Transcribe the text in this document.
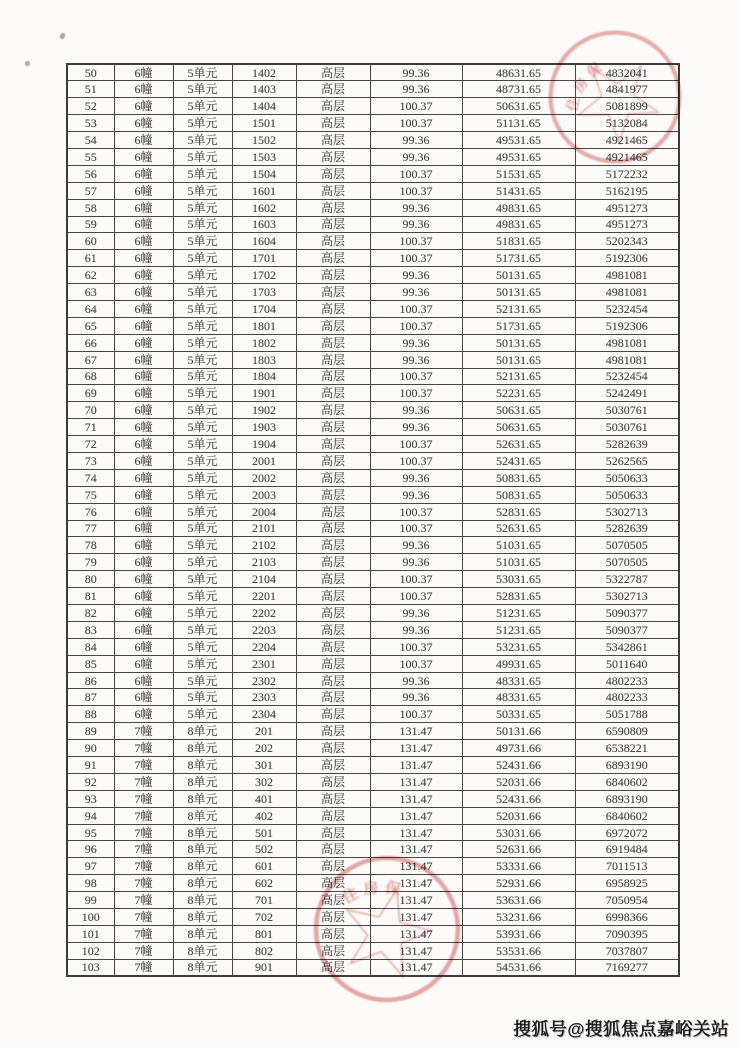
50	6幢	5单元	1402	高层	99.36	48631.65	4832041
51	6幢	5单元	1403	高层	99.36	48731.65	4841977
52	6幢	5单元	1404	高层	100.37	50631.65	5081899
53	6幢	5单元	1501	高层	100.37	51131.65	5132084
54	6幢	5单元	1502	高层	99.36	49531.65	4921465
55	6幢	5单元	1503	高层	99.36	49531.65	4921465
56	6幢	5单元	1504	高层	100.37	51531.65	5172232
57	6幢	5单元	1601	高层	100.37	51431.65	5162195
58	6幢	5单元	1602	高层	99.36	49831.65	4951273
59	6幢	5单元	1603	高层	99.36	49831.65	4951273
60	6幢	5单元	1604	高层	100.37	51831.65	5202343
61	6幢	5单元	1701	高层	100.37	51731.65	5192306
62	6幢	5单元	1702	高层	99.36	50131.65	4981081
63	6幢	5单元	1703	高层	99.36	50131.65	4981081
64	6幢	5单元	1704	高层	100.37	52131.65	5232454
65	6幢	5单元	1801	高层	100.37	51731.65	5192306
66	6幢	5单元	1802	高层	99.36	50131.65	4981081
67	6幢	5单元	1803	高层	99.36	50131.65	4981081
68	6幢	5单元	1804	高层	100.37	52131.65	5232454
69	6幢	5单元	1901	高层	100.37	52231.65	5242491
70	6幢	5单元	1902	高层	99.36	50631.65	5030761
71	6幢	5单元	1903	高层	99.36	50631.65	5030761
72	6幢	5单元	1904	高层	100.37	52631.65	5282639
73	6幢	5单元	2001	高层	100.37	52431.65	5262565
74	6幢	5单元	2002	高层	99.36	50831.65	5050633
75	6幢	5单元	2003	高层	99.36	50831.65	5050633
76	6幢	5单元	2004	高层	100.37	52831.65	5302713
77	6幢	5单元	2101	高层	100.37	52631.65	5282639
78	6幢	5单元	2102	高层	99.36	51031.65	5070505
79	6幢	5单元	2103	高层	99.36	51031.65	5070505
80	6幢	5单元	2104	高层	100.37	53031.65	5322787
81	6幢	5单元	2201	高层	100.37	52831.65	5302713
82	6幢	5单元	2202	高层	99.36	51231.65	5090377
83	6幢	5单元	2203	高层	99.36	51231.65	5090377
84	6幢	5单元	2204	高层	100.37	53231.65	5342861
85	6幢	5单元	2301	高层	100.37	49931.65	5011640
86	6幢	5单元	2302	高层	99.36	48331.65	4802233
87	6幢	5单元	2303	高层	99.36	48331.65	4802233
88	6幢	5单元	2304	高层	100.37	50331.65	5051788
89	7幢	8单元	201	高层	131.47	50131.66	6590809
90	7幢	8单元	202	高层	131.47	49731.66	6538221
91	7幢	8单元	301	高层	131.47	52431.66	6893190
92	7幢	8单元	302	高层	131.47	52031.66	6840602
93	7幢	8单元	401	高层	131.47	52431.66	6893190
94	7幢	8单元	402	高层	131.47	52031.66	6840602
95	7幢	8单元	501	高层	131.47	53031.66	6972072
96	7幢	8单元	502	高层	131.47	52631.66	6919484
97	7幢	8单元	601	高层	131.47	53331.66	7011513
98	7幢	8单元	602	高层	131.47	52931.66	6958925
99	7幢	8单元	701	高层	131.47	53631.66	7050954
100	7幢	8单元	702	高层	131.47	53231.66	6998366
101	7幢	8单元	801	高层	131.47	53931.66	7090395
102	7幢	8单元	802	高层	131.47	53531.66	7037807
103	7幢	8单元	901	高层	131.47	54531.66	7169277
住房保
住房保
搜狐号@搜狐焦点嘉峪关站
